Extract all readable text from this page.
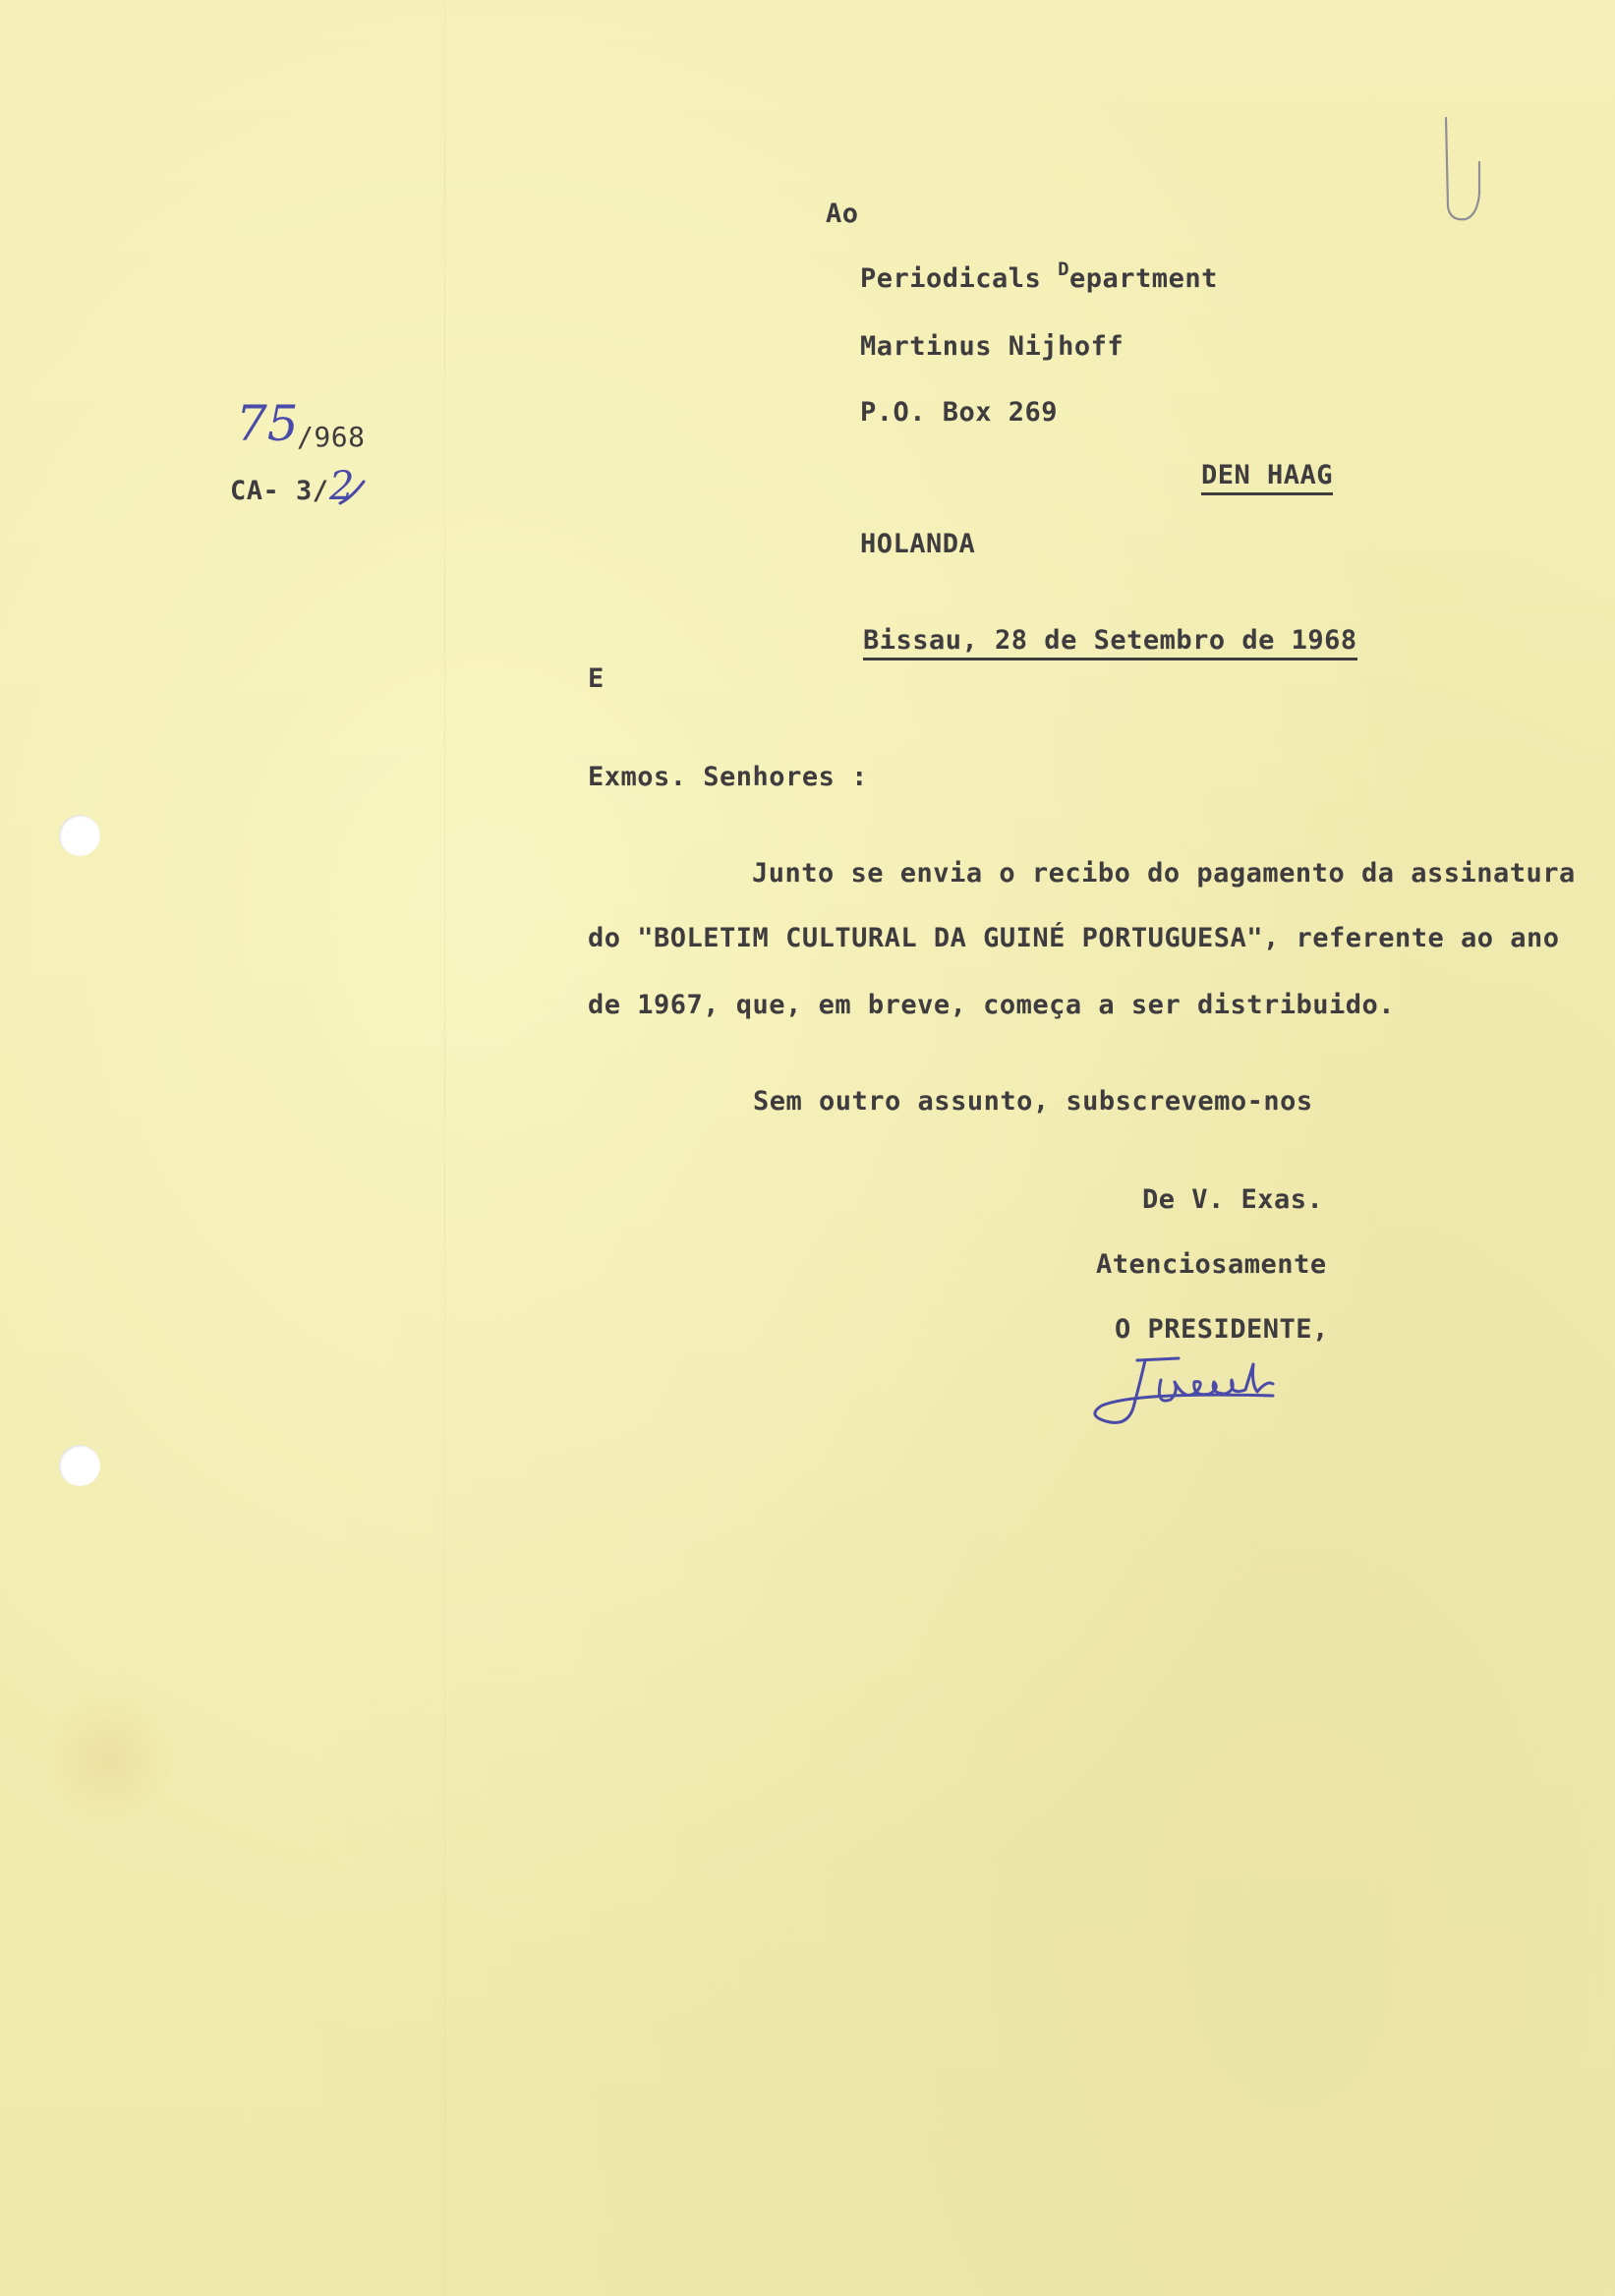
75
/968
CA- 3/ 2
Ao
Periodicals $^D$epartment
Martinus Nijhoff
P.O. Box 269
DEN HAAG
HOLANDA
Bissau, 28 de Setembro de 1968
E
Exmos. Senhores :
Junto se envia o recibo do pagamento da assinatura
do "BOLETIM CULTURAL DA GUINÉ PORTUGUESA", referente ao ano
de 1967, que, em breve, começa a ser distribuido.
Sem outro assunto, subscrevemo-nos
De V. Exas.
Atenciosamente
O PRESIDENTE,
